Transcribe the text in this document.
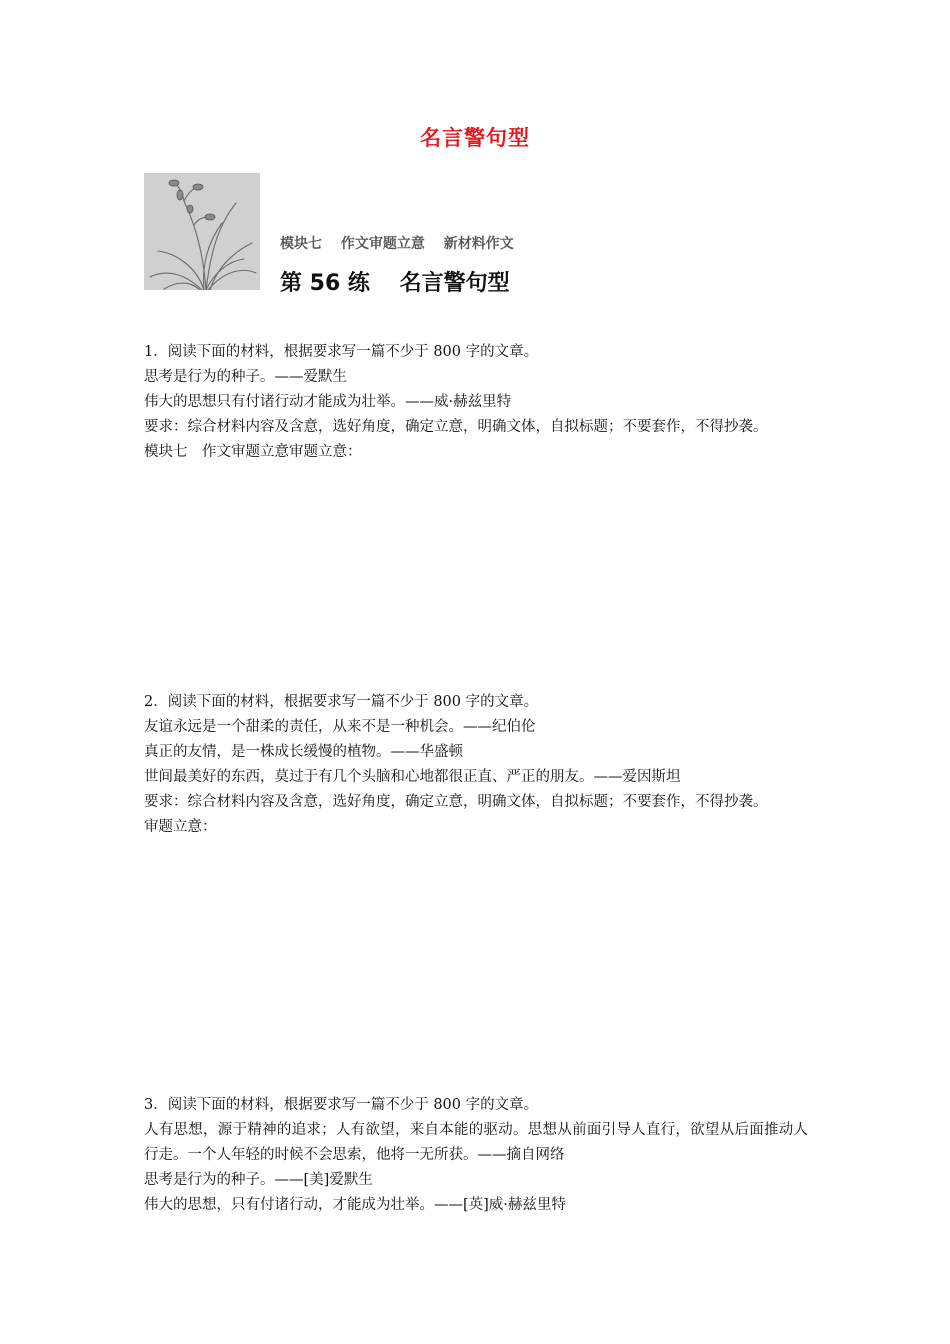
名言警句型
模块七　 作文审题立意　 新材料作文
第 56 练　 名言警句型

1．阅读下面的材料，根据要求写一篇不少于 800 字的文章。

思考是行为的种子。——爱默生

伟大的思想只有付诸行动才能成为壮举。——威·赫兹里特

要求：综合材料内容及含意，选好角度，确定立意，明确文体，自拟标题；不要套作，不得抄袭。

模块七　作文审题立意审题立意：

2．阅读下面的材料，根据要求写一篇不少于 800 字的文章。

友谊永远是一个甜柔的责任，从来不是一种机会。——纪伯伦

真正的友情，是一株成长缓慢的植物。——华盛顿

世间最美好的东西，莫过于有几个头脑和心地都很正直、严正的朋友。——爱因斯坦

要求：综合材料内容及含意，选好角度，确定立意，明确文体，自拟标题；不要套作，不得抄袭。

审题立意：

3．阅读下面的材料，根据要求写一篇不少于 800 字的文章。

人有思想，源于精神的追求；人有欲望，来自本能的驱动。思想从前面引导人直行，欲望从后面推动人行走。一个人年轻的时候不会思索，他将一无所获。——摘自网络

思考是行为的种子。——[美]爱默生

伟大的思想，只有付诸行动，才能成为壮举。——[英]威·赫兹里特
